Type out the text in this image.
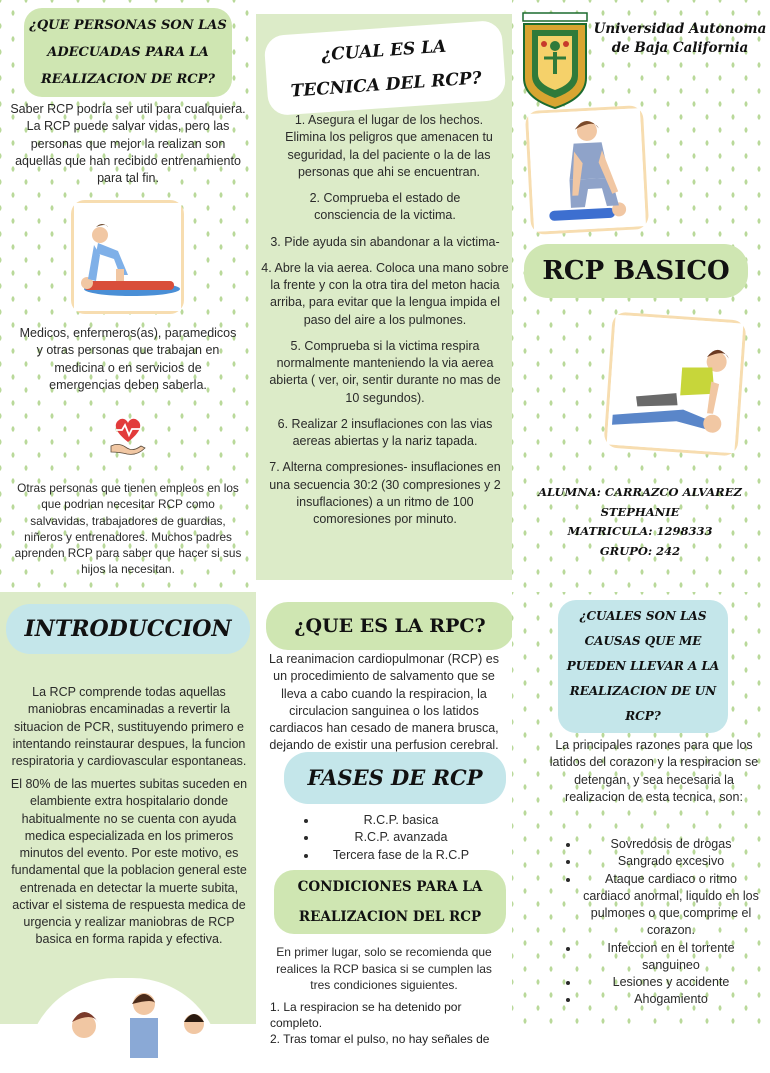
¿QUE PERSONAS SON LAS
ADECUADAS PARA LA
REALIZACION DE RCP?

Saber RCP podría ser util para cualquiera. La RCP puede salvar vidas, pero las personas que mejor la realizan son aquellas que han recibido entrenamiento para tal fin.

Medicos, enfermeros(as), paramedicos y otras personas que trabajan en medicina o en servicios de emergencias deben saberla.

Otras personas que tienen empleos en los que podrian necesitar RCP como salvavidas, trabajadores de guardias, niñeros y entrenadores. Muchos padres aprenden RCP para saber que hacer si sus hijos la necesitan.

¿CUAL ES LA
TECNICA DEL RCP?

1. Asegura el lugar de los hechos. Elimina los peligros que amenacen tu seguridad, la del paciente o la de las personas que ahi se encuentran.

2. Comprueba el estado de consciencia de la victima.

3. Pide ayuda sin abandonar a la victima-

4. Abre la via aerea. Coloca una mano sobre la frente y con la otra tira del meton hacia arriba, para evitar que la lengua impida el paso del aire a los pulmones.

5. Comprueba si la victima respira normalmente manteniendo la via aerea abierta ( ver, oir, sentir durante no mas de 10 segundos).

6. Realizar 2 insuflaciones con las vias aereas abiertas y la nariz tapada.

7. Alterna compresiones- insuflaciones en una secuencia 30:2 (30 compresiones y 2 insuflaciones) a un ritmo de 100 comoresiones por minuto.

Universidad Autonoma
de Baja California
RCP BASICO
ALUMNA: CARRAZCO ALVAREZ
STEPHANIE
MATRICULA: 1298333
GRUPO: 242
INTRODUCCION

La RCP comprende todas aquellas maniobras encaminadas a revertir la situacion de PCR, sustituyendo primero e intentando reinstaurar despues, la funcion respiratoria y cardiovascular espontaneas.

El 80% de las muertes subitas suceden en elambiente extra hospitalario donde habitualmente no se cuenta con ayuda medica especializada en los primeros minutos del evento. Por este motivo, es fundamental que la poblacion general este entrenada en detectar la muerte subita, activar el sistema de respuesta medica de urgencia y realizar maniobras de RCP basica en forma rapida y efectiva.

¿QUE ES LA RPC?

La reanimacion cardiopulmonar (RCP) es un procedimiento de salvamento que se lleva a cabo cuando la respiracion, la circulacion sanguinea o los latidos cardiacos han cesado de manera brusca, dejando de existir una perfusion cerebral.

FASES DE RCP
• R.C.P. basica
• R.C.P. avanzada
• Tercera fase de la R.C.P
CONDICIONES PARA LA
REALIZACION DEL RCP

En primer lugar, solo se recomienda que realices la RCP basica si se cumplen las tres condiciones siguientes.

1. La respiracion se ha detenido por completo.
2. Tras tomar el pulso, no hay señales de
¿CUALES SON LAS
CAUSAS QUE ME
PUEDEN LLEVAR A LA
REALIZACION DE UN
RCP?

La principales razones para que los latidos del corazon y la respiracion se detengan, y sea necesaria la realizacion de esta tecnica, son:

• Sovredosis de drogas
• Sangrado excesivo
• Ataque cardiaco o ritmo cardiaco anormal, liquido en los pulmones o que comprime el corazon.
• Infeccion en el torrente sanguineo
• Lesiones y accidente
• Ahogamiento
